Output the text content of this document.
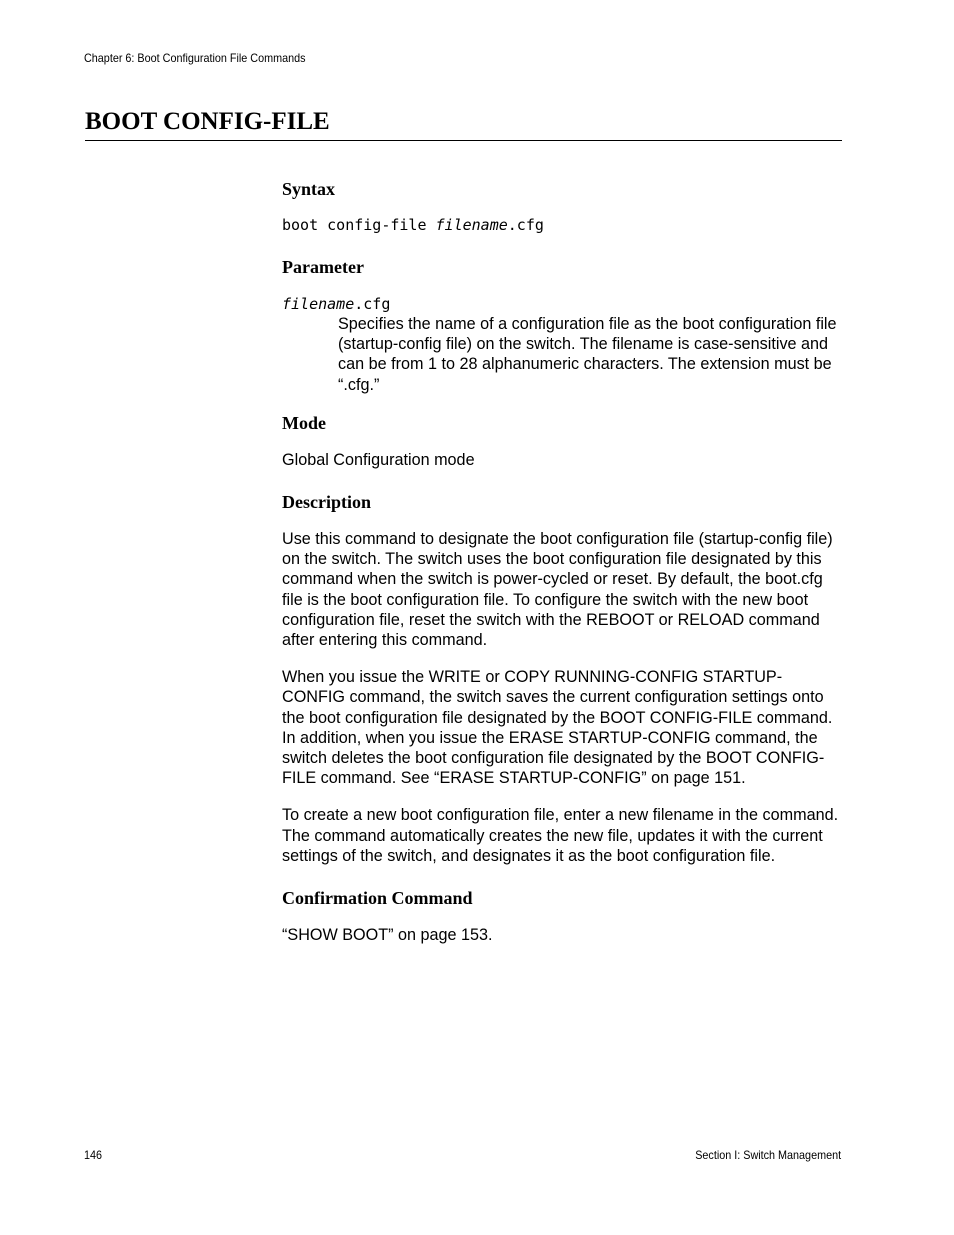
Chapter 6: Boot Configuration File Commands
BOOT CONFIG-FILE
Syntax
boot config-file filename.cfg
Parameter
filename.cfg

Specifies the name of a configuration file as the boot configuration file (startup-config file) on the switch. The filename is case-sensitive and can be from 1 to 28 alphanumeric characters. The extension must be “.cfg.”

Mode

Global Configuration mode

Description

Use this command to designate the boot configuration file (startup-config file) on the switch. The switch uses the boot configuration file designated by this command when the switch is power-cycled or reset. By default, the boot.cfg file is the boot configuration file. To configure the switch with the new boot configuration file, reset the switch with the REBOOT or RELOAD command after entering this command.

When you issue the WRITE or COPY RUNNING-CONFIG STARTUP-CONFIG command, the switch saves the current configuration settings onto the boot configuration file designated by the BOOT CONFIG-FILE command. In addition, when you issue the ERASE STARTUP-CONFIG command, the switch deletes the boot configuration file designated by the BOOT CONFIG-FILE command. See “ERASE STARTUP-CONFIG” on page 151.

To create a new boot configuration file, enter a new filename in the command. The command automatically creates the new file, updates it with the current settings of the switch, and designates it as the boot configuration file.

Confirmation Command

“SHOW BOOT” on page 153.

146	Section I: Switch Management
